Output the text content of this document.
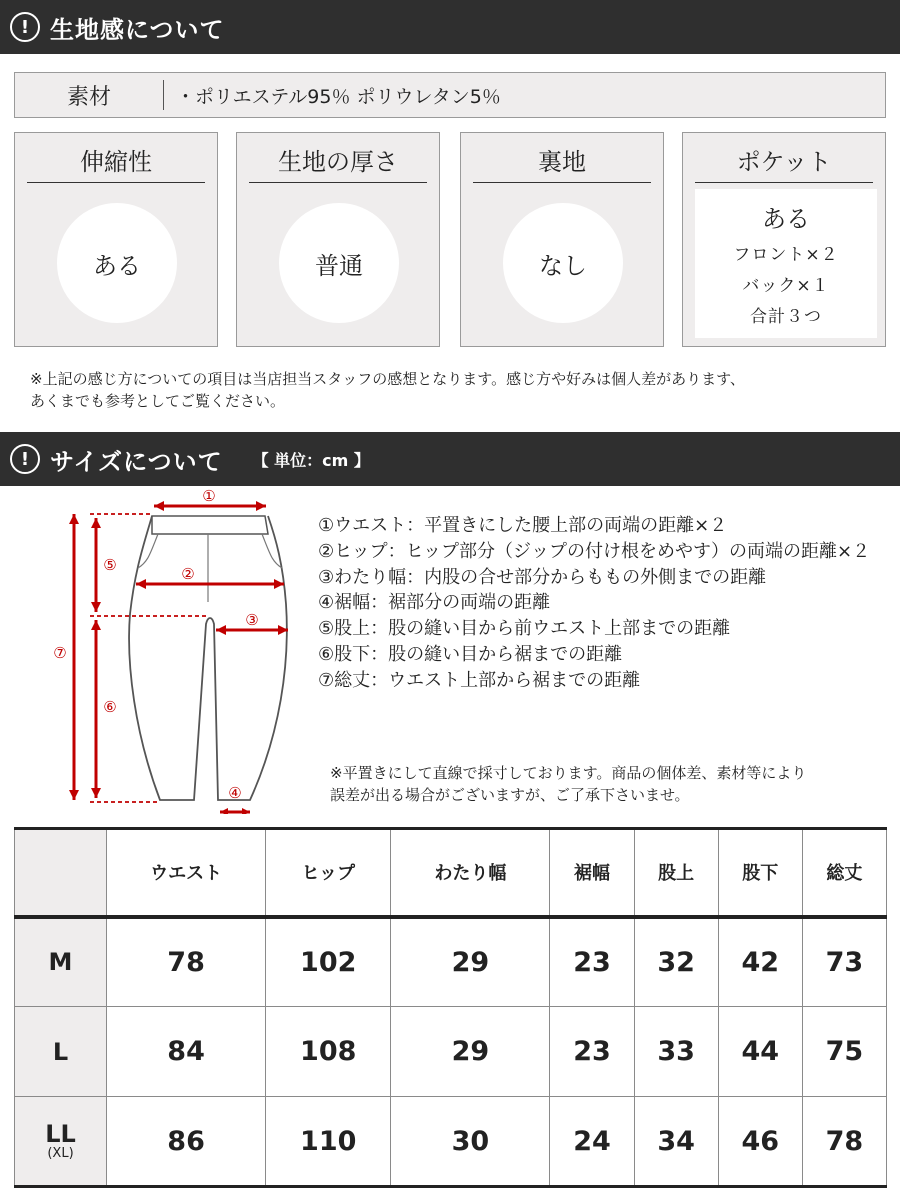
! 生地感について
素材	・ポリエステル95％ ポリウレタン5％
伸縮性
ある
生地の厚さ
普通
裏地
なし
ポケット
ある
フロント×２
バック×１
合計３つ
※上記の感じ方についての項目は当店担当スタッフの感想となります。感じ方や好みは個人差があります、
あくまでも参考としてご覧ください。
! サイズについて 【 単位：cm 】
①
②
③
④
⑤
⑥
⑦
①ウエスト：平置きにした腰上部の両端の距離×２
②ヒップ：ヒップ部分（ジップの付け根をめやす）の両端の距離×２
③わたり幅：内股の合せ部分からももの外側までの距離
④裾幅：裾部分の両端の距離
⑤股上：股の縫い目から前ウエスト上部までの距離
⑥股下：股の縫い目から裾までの距離
⑦総丈：ウエスト上部から裾までの距離
※平置きにして直線で採寸しております。商品の個体差、素材等により
誤差が出る場合がございますが、ご了承下さいませ。
	ウエスト	ヒップ	わたり幅	裾幅	股上	股下	総丈
M	78	102	29	23	32	42	73
L	84	108	29	23	33	44	75

LL
(XL)	86	110	30	24	34	46	78
